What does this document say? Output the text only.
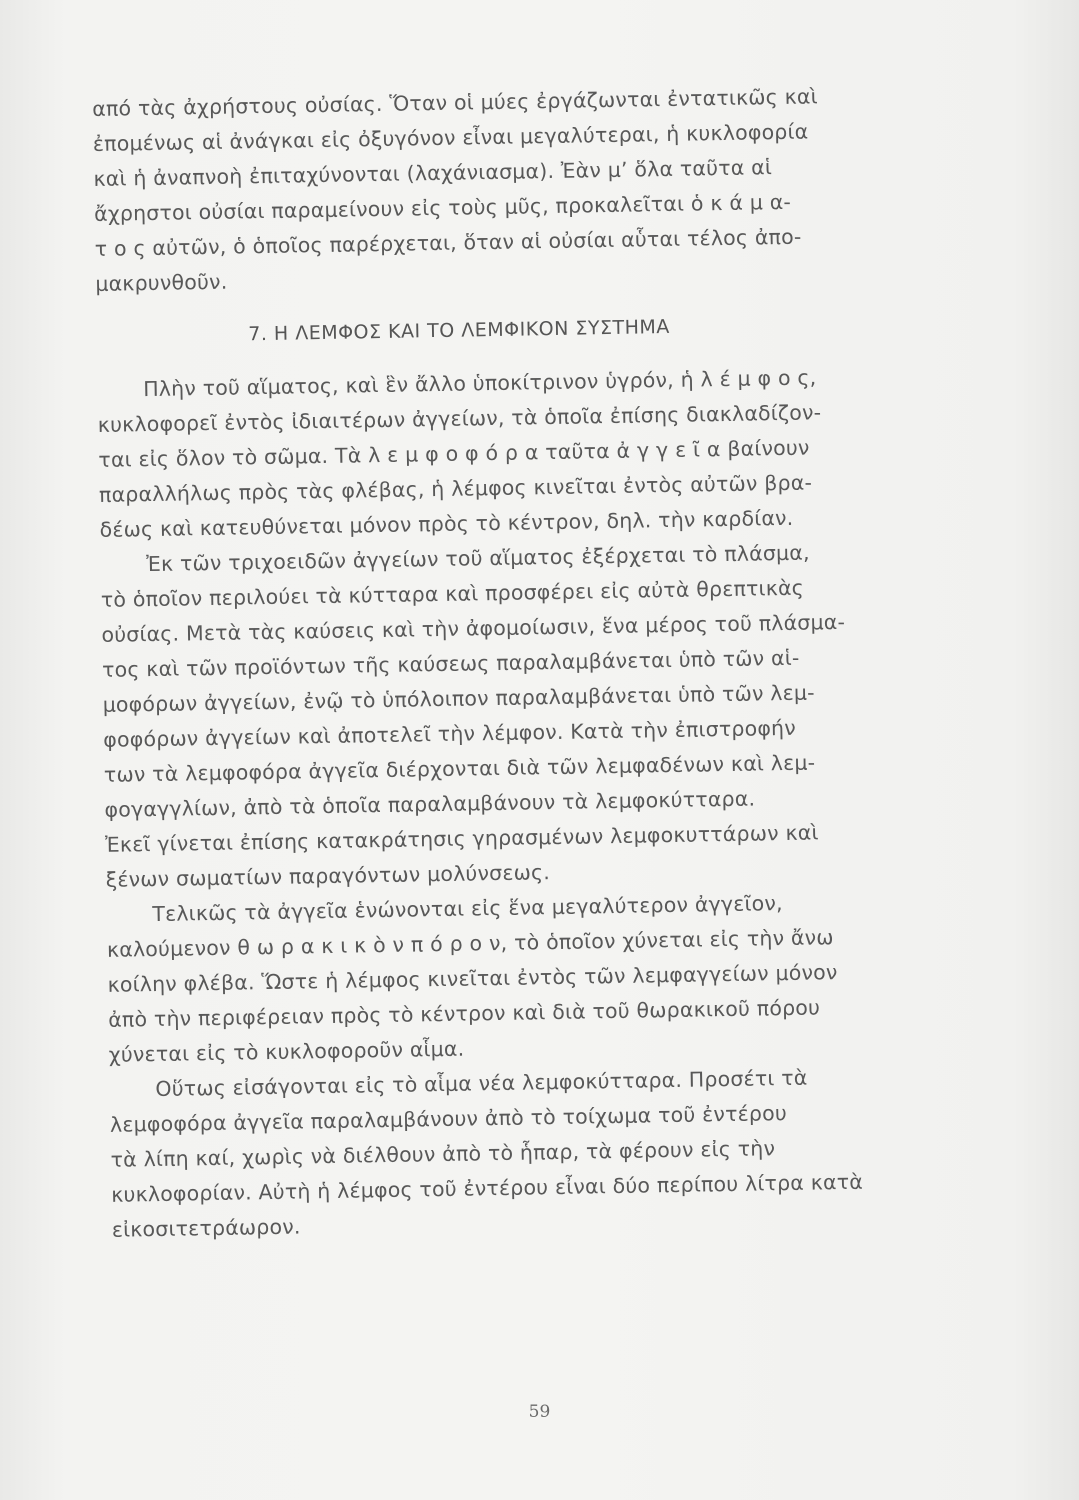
από τὰς ἀχρήστους οὐσίας. Ὅταν οἱ μύες ἐργάζωνται ἐντατικῶς καὶ
ἐπομένως αἱ ἀνάγκαι εἰς ὀξυγόνον εἶναι μεγαλύτεραι, ἡ κυκλοφορία
καὶ ἡ ἀναπνοὴ ἐπιταχύνονται (λαχάνιασμα). Ἐὰν μ’ ὅλα ταῦτα αἱ
ἄχρηστοι οὐσίαι παραμείνουν εἰς τοὺς μῦς, προκαλεῖται ὁ κ ά μ α-
τ ο ς αὐτῶν, ὁ ὁποῖος παρέρχεται, ὅταν αἱ οὐσίαι αὗται τέλος ἀπο-
μακρυνθοῦν.
7. Η ΛΕΜΦΟΣ ΚΑΙ ΤΟ ΛΕΜΦΙΚΟΝ ΣΥΣΤΗΜΑ
Πλὴν τοῦ αἵματος, καὶ ἓν ἄλλο ὑποκίτρινον ὑγρόν, ἡ λ έ μ φ ο ς,
κυκλοφορεῖ ἐντὸς ἰδιαιτέρων ἀγγείων, τὰ ὁποῖα ἐπίσης διακλαδίζον-
ται εἰς ὅλον τὸ σῶμα. Τὰ λ ε μ φ ο φ ό ρ α ταῦτα ἀ γ γ ε ῖ α βαίνουν
παραλλήλως πρὸς τὰς φλέβας, ἡ λέμφος κινεῖται ἐντὸς αὐτῶν βρα-
δέως καὶ κατευθύνεται μόνον πρὸς τὸ κέντρον, δηλ. τὴν καρδίαν.
Ἐκ τῶν τριχοειδῶν ἀγγείων τοῦ αἵματος ἐξέρχεται τὸ πλάσμα,
τὸ ὁποῖον περιλούει τὰ κύτταρα καὶ προσφέρει εἰς αὐτὰ θρεπτικὰς
οὐσίας. Μετὰ τὰς καύσεις καὶ τὴν ἀφομοίωσιν, ἕνα μέρος τοῦ πλάσμα-
τος καὶ τῶν προϊόντων τῆς καύσεως παραλαμβάνεται ὑπὸ τῶν αἱ-
μοφόρων ἀγγείων, ἐνῷ τὸ ὑπόλοιπον παραλαμβάνεται ὑπὸ τῶν λεμ-
φοφόρων ἀγγείων καὶ ἀποτελεῖ τὴν λέμφον. Κατὰ τὴν ἐπιστροφήν
των τὰ λεμφοφόρα ἀγγεῖα διέρχονται διὰ τῶν λεμφαδένων καὶ λεμ-
φογαγγλίων, ἀπὸ τὰ ὁποῖα παραλαμβάνουν τὰ λεμφοκύτταρα.
Ἐκεῖ γίνεται ἐπίσης κατακράτησις γηρασμένων λεμφοκυττάρων καὶ
ξένων σωματίων παραγόντων μολύνσεως.
Τελικῶς τὰ ἀγγεῖα ἑνώνονται εἰς ἕνα μεγαλύτερον ἀγγεῖον,
καλούμενον θ ω ρ α κ ι κ ὸ ν π ό ρ ο ν, τὸ ὁποῖον χύνεται εἰς τὴν ἄνω
κοίλην φλέβα. Ὥστε ἡ λέμφος κινεῖται ἐντὸς τῶν λεμφαγγείων μόνον
ἀπὸ τὴν περιφέρειαν πρὸς τὸ κέντρον καὶ διὰ τοῦ θωρακικοῦ πόρου
χύνεται εἰς τὸ κυκλοφοροῦν αἷμα.
Οὕτως εἰσάγονται εἰς τὸ αἷμα νέα λεμφοκύτταρα. Προσέτι τὰ
λεμφοφόρα ἀγγεῖα παραλαμβάνουν ἀπὸ τὸ τοίχωμα τοῦ ἐντέρου
τὰ λίπη καί, χωρὶς νὰ διέλθουν ἀπὸ τὸ ἧπαρ, τὰ φέρουν εἰς τὴν
κυκλοφορίαν. Αὐτὴ ἡ λέμφος τοῦ ἐντέρου εἶναι δύο περίπου λίτρα κατὰ
εἰκοσιτετράωρον.
59
